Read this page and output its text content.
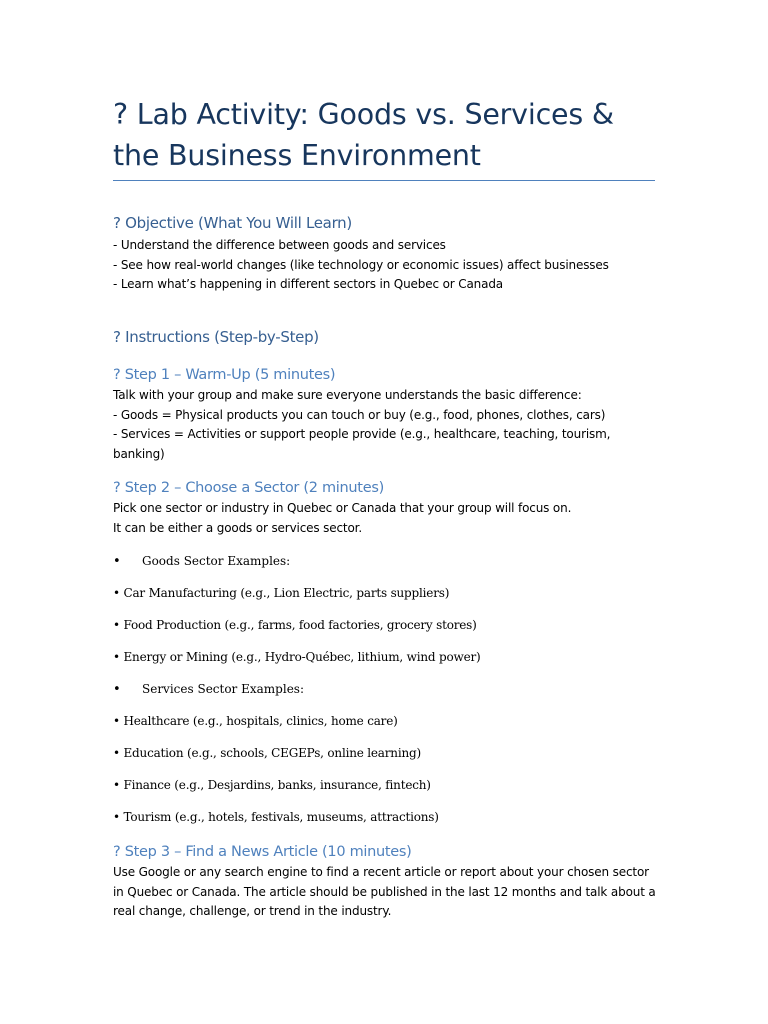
? Lab Activity: Goods vs. Services & the Business Environment
? Objective (What You Will Learn)
- Understand the difference between goods and services
- See how real-world changes (like technology or economic issues) affect businesses
- Learn what’s happening in different sectors in Quebec or Canada
? Instructions (Step-by-Step)
? Step 1 – Warm-Up (5 minutes)
Talk with your group and make sure everyone understands the basic difference:
- Goods = Physical products you can touch or buy (e.g., food, phones, clothes, cars)
- Services = Activities or support people provide (e.g., healthcare, teaching, tourism,
banking)
? Step 2 – Choose a Sector (2 minutes)
Pick one sector or industry in Quebec or Canada that your group will focus on.
It can be either a goods or services sector.
• Goods Sector Examples:
• Car Manufacturing (e.g., Lion Electric, parts suppliers)
• Food Production (e.g., farms, food factories, grocery stores)
• Energy or Mining (e.g., Hydro-Québec, lithium, wind power)
• Services Sector Examples:
• Healthcare (e.g., hospitals, clinics, home care)
• Education (e.g., schools, CEGEPs, online learning)
• Finance (e.g., Desjardins, banks, insurance, fintech)
• Tourism (e.g., hotels, festivals, museums, attractions)
? Step 3 – Find a News Article (10 minutes)
Use Google or any search engine to find a recent article or report about your chosen sector
in Quebec or Canada. The article should be published in the last 12 months and talk about a
real change, challenge, or trend in the industry.
